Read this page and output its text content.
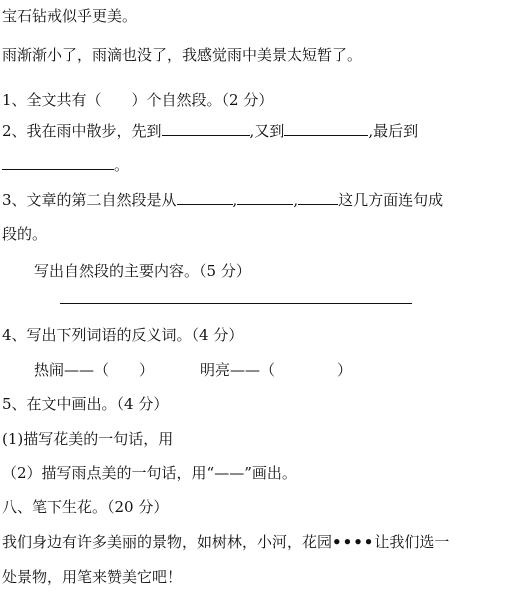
宝石钻戒似乎更美。
雨渐渐小了，雨滴也没了，我感觉雨中美景太短暂了。
1、全文共有（ ）个自然段。（2 分）
2、我在雨中散步，先到	,又到	,最后到
。
3、文章的第二自然段是从	,	,	这几方面连句成
段的。
写出自然段的主要内容。（5 分）
4、写出下列词语的反义词。（4 分）
热闹——（ ）	明亮——（	）
5、在文中画出。（4 分）
(1)描写花美的一句话，用
（2）描写雨点美的一句话，用“——”画出。
八、笔下生花。（20 分）
我们身边有许多美丽的景物，如树林，小河，花园••••让我们选一
处景物，用笔来赞美它吧！
